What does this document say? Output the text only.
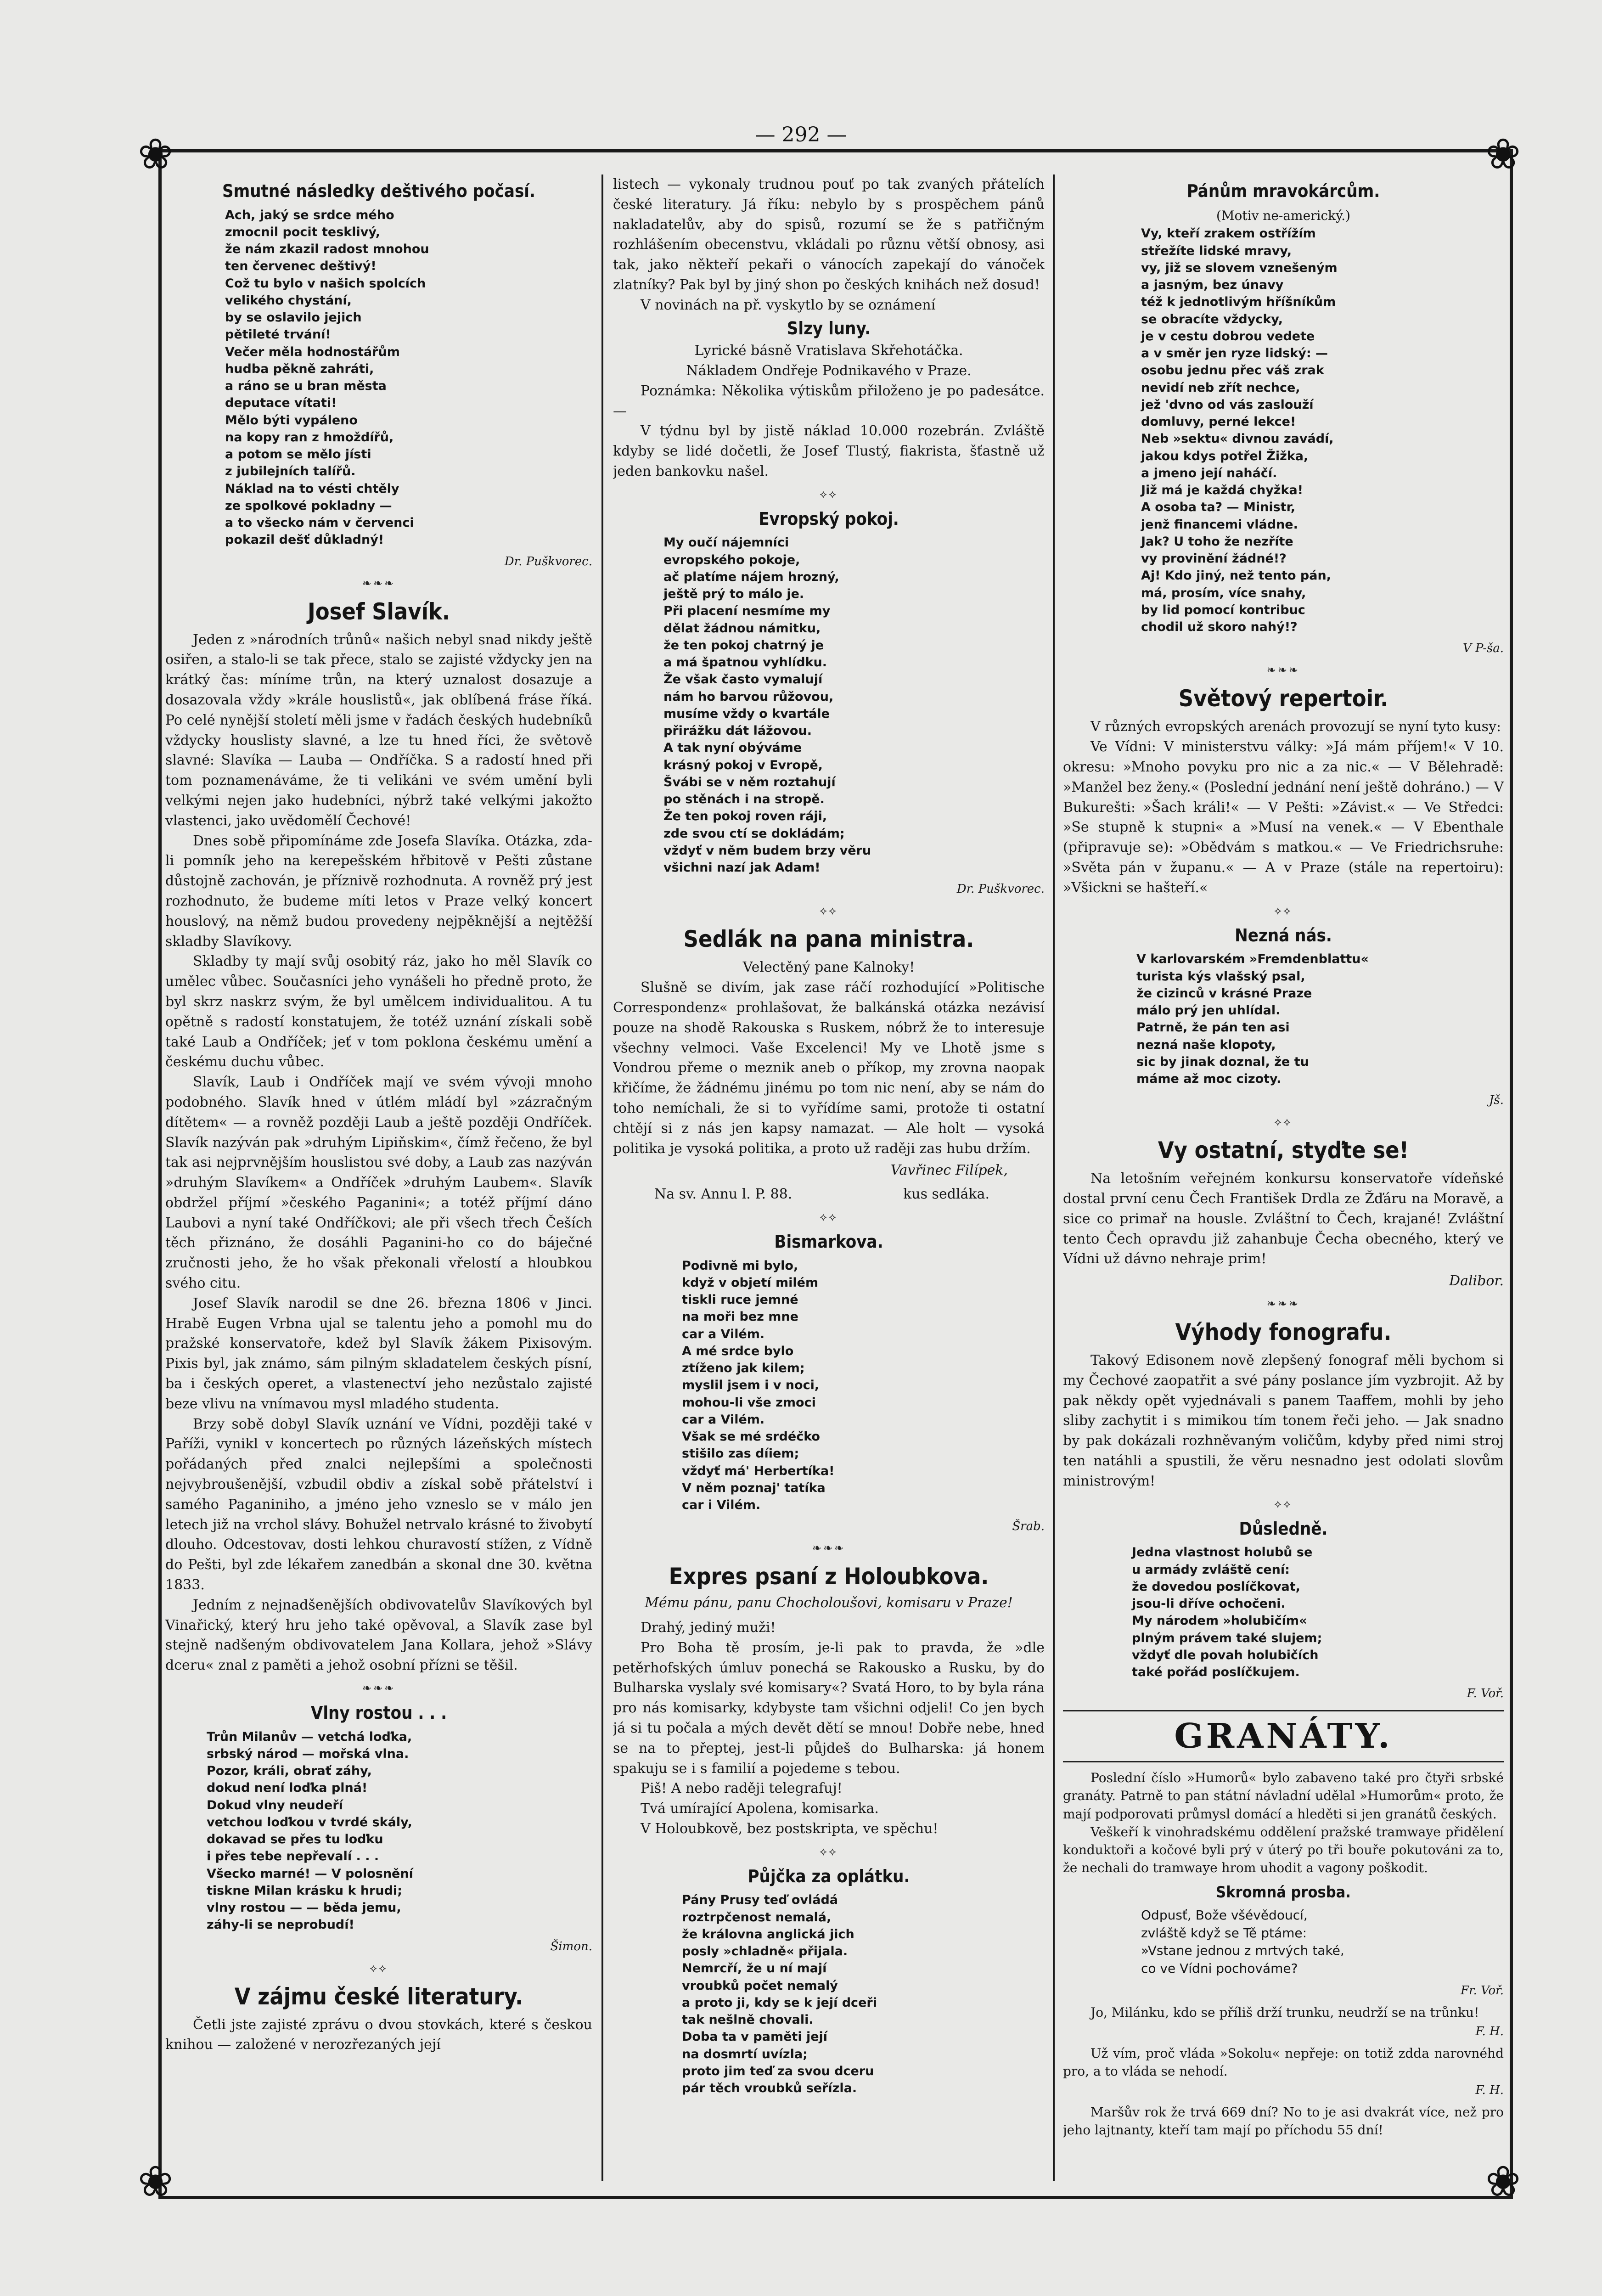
— 292 —
❀	❀
❀	❀
Smutné následky deštivého počasí.
Ach, jaký se srdce mého
zmocnil pocit tesklivý,
že nám zkazil radost mnohou
ten červenec deštivý!
Což tu bylo v našich spolcích
velikého chystání,
by se oslavilo jejich
pětileté trvání!
Večer měla hodnostářům
hudba pěkně zahráti,
a ráno se u bran města
deputace vítati!
Mělo býti vypáleno
na kopy ran z hmoždířů,
a potom se mělo jísti
z jubilejních talířů.
Náklad na to vésti chtěly
ze spolkové pokladny —
a to všecko nám v červenci
pokazil dešť důkladný!
Dr. Puškvorec.
❧❧❧
Josef Slavík.

Jeden z »národních trůnů« našich nebyl snad nikdy ještě osiřen, a stalo-li se tak přece, stalo se zajisté vždycky jen na krátký čas: míníme trůn, na který uznalost dosazuje a dosazovala vždy »krále houslistů«, jak oblíbená fráse říká. Po celé nynější století měli jsme v řadách českých hudebníků vždycky houslisty slavné, a lze tu hned říci, že světově slavné: Slavíka — Lauba — Ondříčka. S a radostí hned při tom poznamenáváme, že ti velikáni ve svém umění byli velkými nejen jako hudebníci, nýbrž také velkými jakožto vlastenci, jako uvědomělí Čechové!

Dnes sobě připomínáme zde Josefa Slavíka. Otázka, zda-li pomník jeho na kerepešském hřbitově v Pešti zůstane důstojně zachován, je příznivě rozhodnuta. A rovněž prý jest rozhodnuto, že budeme míti letos v Praze velký koncert houslový, na němž budou provedeny nejpěknější a nejtěžší skladby Slavíkovy.

Skladby ty mají svůj osobitý ráz, jako ho měl Slavík co umělec vůbec. Současníci jeho vynášeli ho předně proto, že byl skrz naskrz svým, že byl umělcem individualitou. A tu opětně s radostí konstatujem, že totéž uznání získali sobě také Laub a Ondříček; jeť v tom poklona českému umění a českému duchu vůbec.

Slavík, Laub i Ondříček mají ve svém vývoji mnoho podobného. Slavík hned v útlém mládí byl »zázračným dítětem« — a rovněž později Laub a ještě později Ondříček. Slavík nazýván pak »druhým Lipiňskim«, čímž řečeno, že byl tak asi nejprvnějším houslistou své doby, a Laub zas nazýván »druhým Slavíkem« a Ondříček »druhým Laubem«. Slavík obdržel příjmí »českého Paganini«; a totéž příjmí dáno Laubovi a nyní také Ondříčkovi; ale při všech třech Češích těch přiznáno, že dosáhli Paganini-ho co do báječné zručnosti jeho, že ho však překonali vřelostí a hloubkou svého citu.

Josef Slavík narodil se dne 26. března 1806 v Jinci. Hrabě Eugen Vrbna ujal se talentu jeho a pomohl mu do pražské konservatoře, kdež byl Slavík žákem Pixisovým. Pixis byl, jak známo, sám pilným skladatelem českých písní, ba i českých operet, a vlastenectví jeho nezůstalo zajisté beze vlivu na vnímavou mysl mladého studenta.

Brzy sobě dobyl Slavík uznání ve Vídni, později také v Paříži, vynikl v koncertech po různých lázeňských místech pořádaných před znalci nejlepšími a společnosti nejvybroušenější, vzbudil obdiv a získal sobě přátelství i samého Paganiniho, a jméno jeho vzneslo se v málo jen letech již na vrchol slávy. Bohužel netrvalo krásné to živobytí dlouho. Odcestovav, dosti lehkou churavostí stížen, z Vídně do Pešti, byl zde lékařem zanedbán a skonal dne 30. května 1833.

Jedním z nejnadšenějších obdivovatelův Slavíkových byl Vinařický, který hru jeho také opěvoval, a Slavík zase byl stejně nadšeným obdivovatelem Jana Kollara, jehož »Slávy dceru« znal z paměti a jehož osobní přízni se těšil.

❧❧❧
Vlny rostou . . .
Trůn Milanův — vetchá loďka,
srbský národ — mořská vlna.
Pozor, králi, obrať záhy,
dokud není loďka plná!
Dokud vlny neudeří
vetchou loďkou v tvrdé skály,
dokavad se přes tu loďku
i přes tebe nepřevalí . . .
Všecko marné! — V polosnění
tiskne Milan krásku k hrudi;
vlny rostou — — běda jemu,
záhy-li se neprobudí!
Šimon.
⟡⟡
V zájmu české literatury.

Četli jste zajisté zprávu o dvou stovkách, které s českou knihou — založené v nerozřezaných její

listech — vykonaly trudnou pouť po tak zvaných přátelích české literatury. Já říku: nebylo by s prospěchem pánů nakladatelův, aby do spisů, rozumí se že s patřičným rozhlášením obecenstvu, vkládali po různu větší obnosy, asi tak, jako někteří pekaři o vánocích zapekají do vánoček zlatníky? Pak byl by jiný shon po českých knihách než dosud!

V novinách na př. vyskytlo by se oznámení

Slzy luny.
Lyrické básně Vratislava Skřehotáčka.
Nákladem Ondřeje Podnikavého v Praze.

Poznámka: Několika výtiskům přiloženo je po padesátce. —

V týdnu byl by jistě náklad 10.000 rozebrán. Zvláště kdyby se lidé dočetli, že Josef Tlustý, fiakrista, šťastně už jeden bankovku našel.

⟡⟡
Evropský pokoj.
My oučí nájemníci
evropského pokoje,
ač platíme nájem hrozný,
ještě prý to málo je.
Při placení nesmíme my
dělat žádnou námitku,
že ten pokoj chatrný je
a má špatnou vyhlídku.
Že však často vymalují
nám ho barvou růžovou,
musíme vždy o kvartále
přirážku dát lážovou.
A tak nyní obýváme
krásný pokoj v Evropě,
Švábi se v něm roztahují
po stěnách i na stropě.
Že ten pokoj roven ráji,
zde svou ctí se dokládám;
vždyť v něm budem brzy věru
všichni nazí jak Adam!
Dr. Puškvorec.
⟡⟡
Sedlák na pana ministra.
Velectěný pane Kalnoky!

Slušně se divím, jak zase ráčí rozhodující »Politische Correspondenz« prohlašovat, že balkánská otázka nezávisí pouze na shodě Rakouska s Ruskem, nóbrž že to interesuje všechny velmoci. Vaše Excelenci! My ve Lhotě jsme s Vondrou přeme o meznik aneb o příkop, my zrovna naopak křičíme, že žádnému jinému po tom nic není, aby se nám do toho nemíchali, že si to vyřídíme sami, protože ti ostatní chtějí si z nás jen kapsy namazat. — Ale holt — vysoká politika je vysoká politika, a proto už raději zas hubu držím.

Vavřinec Filípek,
Na sv. Annu l. P. 88.	kus sedláka.
⟡⟡
Bismarkova.
Podivně mi bylo,
když v objetí milém
tiskli ruce jemné
na moři bez mne
car a Vilém.
A mé srdce bylo
ztíženo jak kilem;
myslil jsem i v noci,
mohou-li vše zmoci
car a Vilém.
Však se mé srdéčko
stišilo zas díiem;
vždyť má' Herbertíka!
V něm poznaj' tatíka
car i Vilém.
Šrab.
❧❧❧
Expres psaní z Holoubkova.
Mému pánu, panu Chocholoušovi, komisaru v Praze!

Drahý, jediný muži!

Pro Boha tě prosím, je-li pak to pravda, že »dle petěrhofských úmluv ponechá se Rakousko a Rusku, by do Bulharska vyslaly své komisary«? Svatá Horo, to by byla rána pro nás komisarky, kdybyste tam všichni odjeli! Co jen bych já si tu počala a mých devět dětí se mnou! Dobře nebe, hned se na to přeptej, jest-li půjdeš do Bulharska: já honem spakuju se i s familií a pojedeme s tebou.

Piš! A nebo raději telegrafuj!

Tvá umírající Apolena, komisarka.

V Holoubkově, bez postskripta, ve spěchu!

⟡⟡
Půjčka za oplátku.
Pány Prusy teď ovládá
roztrpčenost nemalá,
že královna anglická jich
posly »chladně« přijala.
Nemrcří, že u ní mají
vroubků počet nemalý
a proto ji, kdy se k její dceři
tak nešlně chovali.
Doba ta v paměti její
na dosmrtí uvízla;
proto jim teď za svou dceru
pár těch vroubků seřízla.
Pánům mravokárcům.
(Motiv ne-americký.)
Vy, kteří zrakem ostřížím
střežíte lidské mravy,
vy, již se slovem vznešeným
a jasným, bez únavy
též k jednotlivým hříšníkům
se obracíte vždycky,
je v cestu dobrou vedete
a v směr jen ryze lidský: —
osobu jednu přec váš zrak
nevidí neb zřít nechce,
jež 'dvno od vás zaslouží
domluvy, perné lekce!
Neb »sektu« divnou zavádí,
jakou kdys potřel Žižka,
a jmeno její naháčí.
Již má je každá chyžka!
A osoba ta? — Ministr,
jenž financemi vládne.
Jak? U toho že nezříte
vy provinění žádné!?
Aj! Kdo jiný, než tento pán,
má, prosím, více snahy,
by lid pomocí kontribuc
chodil už skoro nahý!?
V P-ša.
❧❧❧
Světový repertoir.

V různých evropských arenách provozují se nyní tyto kusy:

Ve Vídni: V ministerstvu války: »Já mám příjem!« V 10. okresu: »Mnoho povyku pro nic a za nic.« — V Bělehradě: »Manžel bez ženy.« (Poslední jednání není ještě dohráno.) — V Bukurešti: »Šach králi!« — V Pešti: »Závist.« — Ve Středci: »Se stupně k stupni« a »Musí na venek.« — V Ebenthale (připravuje se): »Obědvám s matkou.« — Ve Friedrichsruhe: »Světa pán v županu.« — A v Praze (stále na repertoiru): »Všickni se hašteří.«

⟡⟡
Nezná nás.
V karlovarském »Fremdenblattu«
turista kýs vlašský psal,
že cizinců v krásné Praze
málo prý jen uhlídal.
Patrně, že pán ten asi
nezná naše klopoty,
sic by jinak doznal, že tu
máme až moc cizoty.
Jš.
⟡⟡
Vy ostatní, styďte se!

Na letošním veřejném konkursu konservatoře vídeňské dostal první cenu Čech František Drdla ze Žďáru na Moravě, a sice co primař na housle. Zvláštní to Čech, krajané! Zvláštní tento Čech opravdu již zahanbuje Čecha obecného, který ve Vídni už dávno nehraje prim!

Dalibor.
❧❧❧
Výhody fonografu.

Takový Edisonem nově zlepšený fonograf měli bychom si my Čechové zaopatřit a své pány poslance jím vyzbrojit. Až by pak někdy opět vyjednávali s panem Taaffem, mohli by jeho sliby zachytit i s mimikou tím tonem řeči jeho. — Jak snadno by pak dokázali rozhněvaným voličům, kdyby před nimi stroj ten natáhli a spustili, že věru nesnadno jest odolati slovům ministrovým!

⟡⟡
Důsledně.
Jedna vlastnost holubů se
u armády zvláště cení:
že dovedou poslíčkovat,
jsou-li dříve ochočeni.
My národem »holubičím«
plným právem také slujem;
vždyť dle povah holubičích
také pořád poslíčkujem.
F. Voř.
GRANÁTY.

Poslední číslo »Humorů« bylo zabaveno také pro čtyři srbské granáty. Patrně to pan státní návladní udělal »Humorům« proto, že mají podporovati průmysl domácí a hleděti si jen granátů českých.

Veškeří k vinohradskému oddělení pražské tramwaye přidělení konduktoři a kočové byli prý v úterý po tři bouře pokutováni za to, že nechali do tramwaye hrom uhodit a vagony poškodit.

Skromná prosba.
Odpusť, Bože všévědoucí,
zvláště když se Tě ptáme:
»Vstane jednou z mrtvých také,
co ve Vídni pochováme?
Fr. Voř.

Jo, Milánku, kdo se příliš drží trunku, neudrží se na trůnku!

F. H.

Už vím, proč vláda »Sokolu« nepřeje: on totiž zdda narovnéhd pro, a to vláda se nehodí.

F. H.

Maršův rok že trvá 669 dní? No to je asi dvakrát více, než pro jeho lajtnanty, kteří tam mají po příchodu 55 dní!
